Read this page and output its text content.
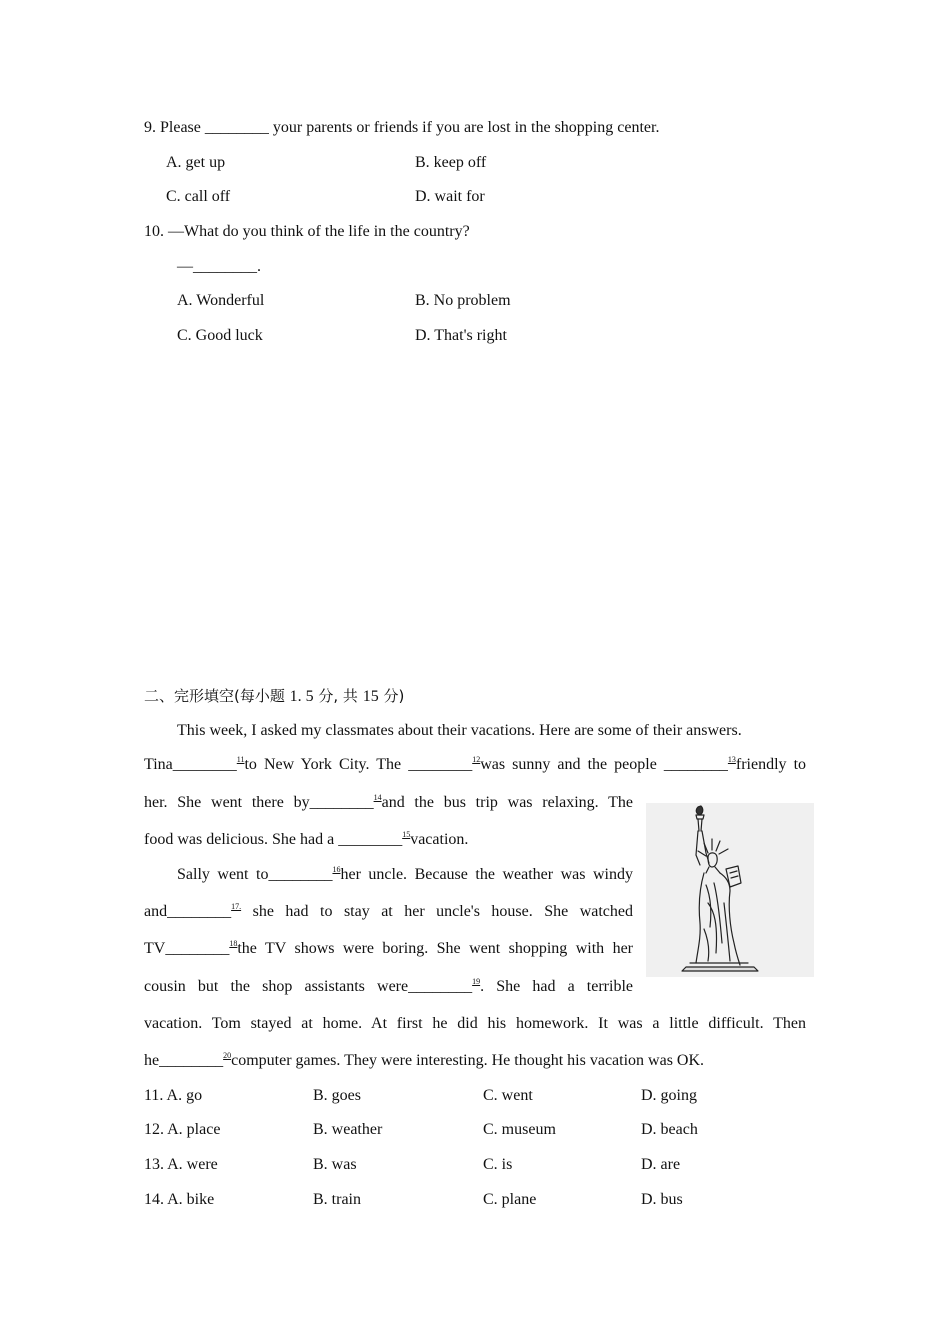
9. Please ________ your parents or friends if you are lost in the shopping center.
A. get up	B. keep off
C. call off	D. wait for
10. —What do you think of the life in the country?
—________.
A. Wonderful	B. No problem
C. Good luck	D. That's right
二、完形填空(每小题 1. 5 分, 共 15 分)
This week, I asked my classmates about their vacations. Here are some of their answers.
Tina________$^{11}$to New York City. The ________$^{12}$was sunny and the people ________$^{13}$friendly to
her. She went there by________$^{14}$and the bus trip was relaxing. The
food was delicious. She had a ________$^{15}$vacation.
Sally went to________$^{16}$her uncle. Because the weather was windy
and________$^{17.}$ she had to stay at her uncle's house. She watched
TV________$^{18}$the TV shows were boring. She went shopping with her
cousin but the shop assistants were________$^{19}$. She had a terrible
vacation. Tom stayed at home. At first he did his homework. It was a little difficult. Then
he________$^{20}$computer games. They were interesting. He thought his vacation was OK.
11. A. go	B. goes	C. went	D. going
12. A. place	B. weather	C. museum	D. beach
13. A. were	B. was	C. is	D. are
14. A. bike	B. train	C. plane	D. bus
